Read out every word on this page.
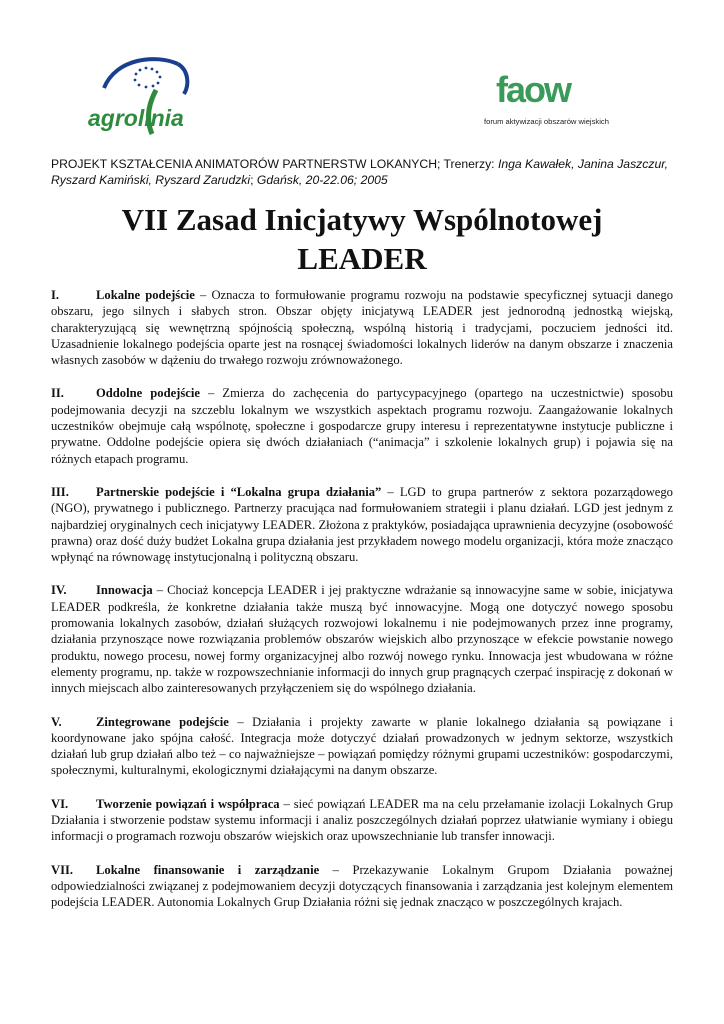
agrolinia
faow
forum aktywizacji obszarów wiejskich
PROJEKT KSZTAŁCENIA ANIMATORÓW PARTNERSTW LOKANYCH; Trenerzy: Inga Kawałek, Janina Jaszczur, Ryszard Kamiński, Ryszard Zarudzki; Gdańsk, 20-22.06; 2005
VII Zasad Inicjatywy Wspólnotowej
LEADER

I.	Lokalne podejście – Oznacza to formułowanie programu rozwoju na podstawie specyficznej sytuacji danego obszaru, jego silnych i słabych stron. Obszar objęty inicjatywą LEADER jest jednorodną jednostką wiejską, charakteryzującą się wewnętrzną spójnością społeczną, wspólną historią i tradycjami, poczuciem jedności itd. Uzasadnienie lokalnego podejścia oparte jest na rosnącej świadomości lokalnych liderów na danym obszarze i znaczenia własnych zasobów w dążeniu do trwałego rozwoju zrównoważonego.

II.	Oddolne podejście – Zmierza do zachęcenia do partycypacyjnego (opartego na uczestnictwie) sposobu podejmowania decyzji na szczeblu lokalnym we wszystkich aspektach programu rozwoju. Zaangażowanie lokalnych uczestników obejmuje całą wspólnotę, społeczne i gospodarcze grupy interesu i reprezentatywne instytucje publiczne i prywatne. Oddolne podejście opiera się dwóch działaniach (“animacja” i szkolenie lokalnych grup) i pojawia się na różnych etapach programu.

III. Partnerskie podejście i “Lokalna grupa działania” – LGD to grupa partnerów z sektora pozarządowego (NGO), prywatnego i publicznego. Partnerzy pracująca nad formułowaniem strategii i planu działań. LGD jest jednym z najbardziej oryginalnych cech inicjatywy LEADER. Złożona z praktyków, posiadająca uprawnienia decyzyjne (osobowość prawna) oraz dość duży budżet Lokalna grupa działania jest przykładem nowego modelu organizacji, która może znacząco wpłynąć na równowagę instytucjonalną i polityczną obszaru.

IV. Innowacja – Chociaż koncepcja LEADER i jej praktyczne wdrażanie są innowacyjne same w sobie, inicjatywa LEADER podkreśla, że konkretne działania także muszą być innowacyjne. Mogą one dotyczyć nowego sposobu promowania lokalnych zasobów, działań służących rozwojowi lokalnemu i nie podejmowanych przez inne programy, działania przynoszące nowe rozwiązania problemów obszarów wiejskich albo przynoszące w efekcie powstanie nowego produktu, nowego procesu, nowej formy organizacyjnej albo rozwój nowego rynku. Innowacja jest wbudowana w różne elementy programu, np. także w rozpowszechnianie informacji do innych grup pragnących czerpać inspirację z dokonań w innych miejscach albo zainteresowanych przyłączeniem się do wspólnego działania.

V.	Zintegrowane podejście – Działania i projekty zawarte w planie lokalnego działania są powiązane i koordynowane jako spójna całość. Integracja może dotyczyć działań prowadzonych w jednym sektorze, wszystkich działań lub grup działań albo też – co najważniejsze – powiązań pomiędzy różnymi grupami uczestników: gospodarczymi, społecznymi, kulturalnymi, ekologicznymi działającymi na danym obszarze.

VI. Tworzenie powiązań i współpraca – sieć powiązań LEADER ma na celu przełamanie izolacji Lokalnych Grup Działania i stworzenie podstaw systemu informacji i analiz poszczególnych działań poprzez ułatwianie wymiany i obiegu informacji o programach rozwoju obszarów wiejskich oraz upowszechnianie lub transfer innowacji.

VII. Lokalne finansowanie i zarządzanie – Przekazywanie Lokalnym Grupom Działania poważnej odpowiedzialności związanej z podejmowaniem decyzji dotyczących finansowania i zarządzania jest kolejnym elementem podejścia LEADER. Autonomia Lokalnych Grup Działania różni się jednak znacząco w poszczególnych krajach.
